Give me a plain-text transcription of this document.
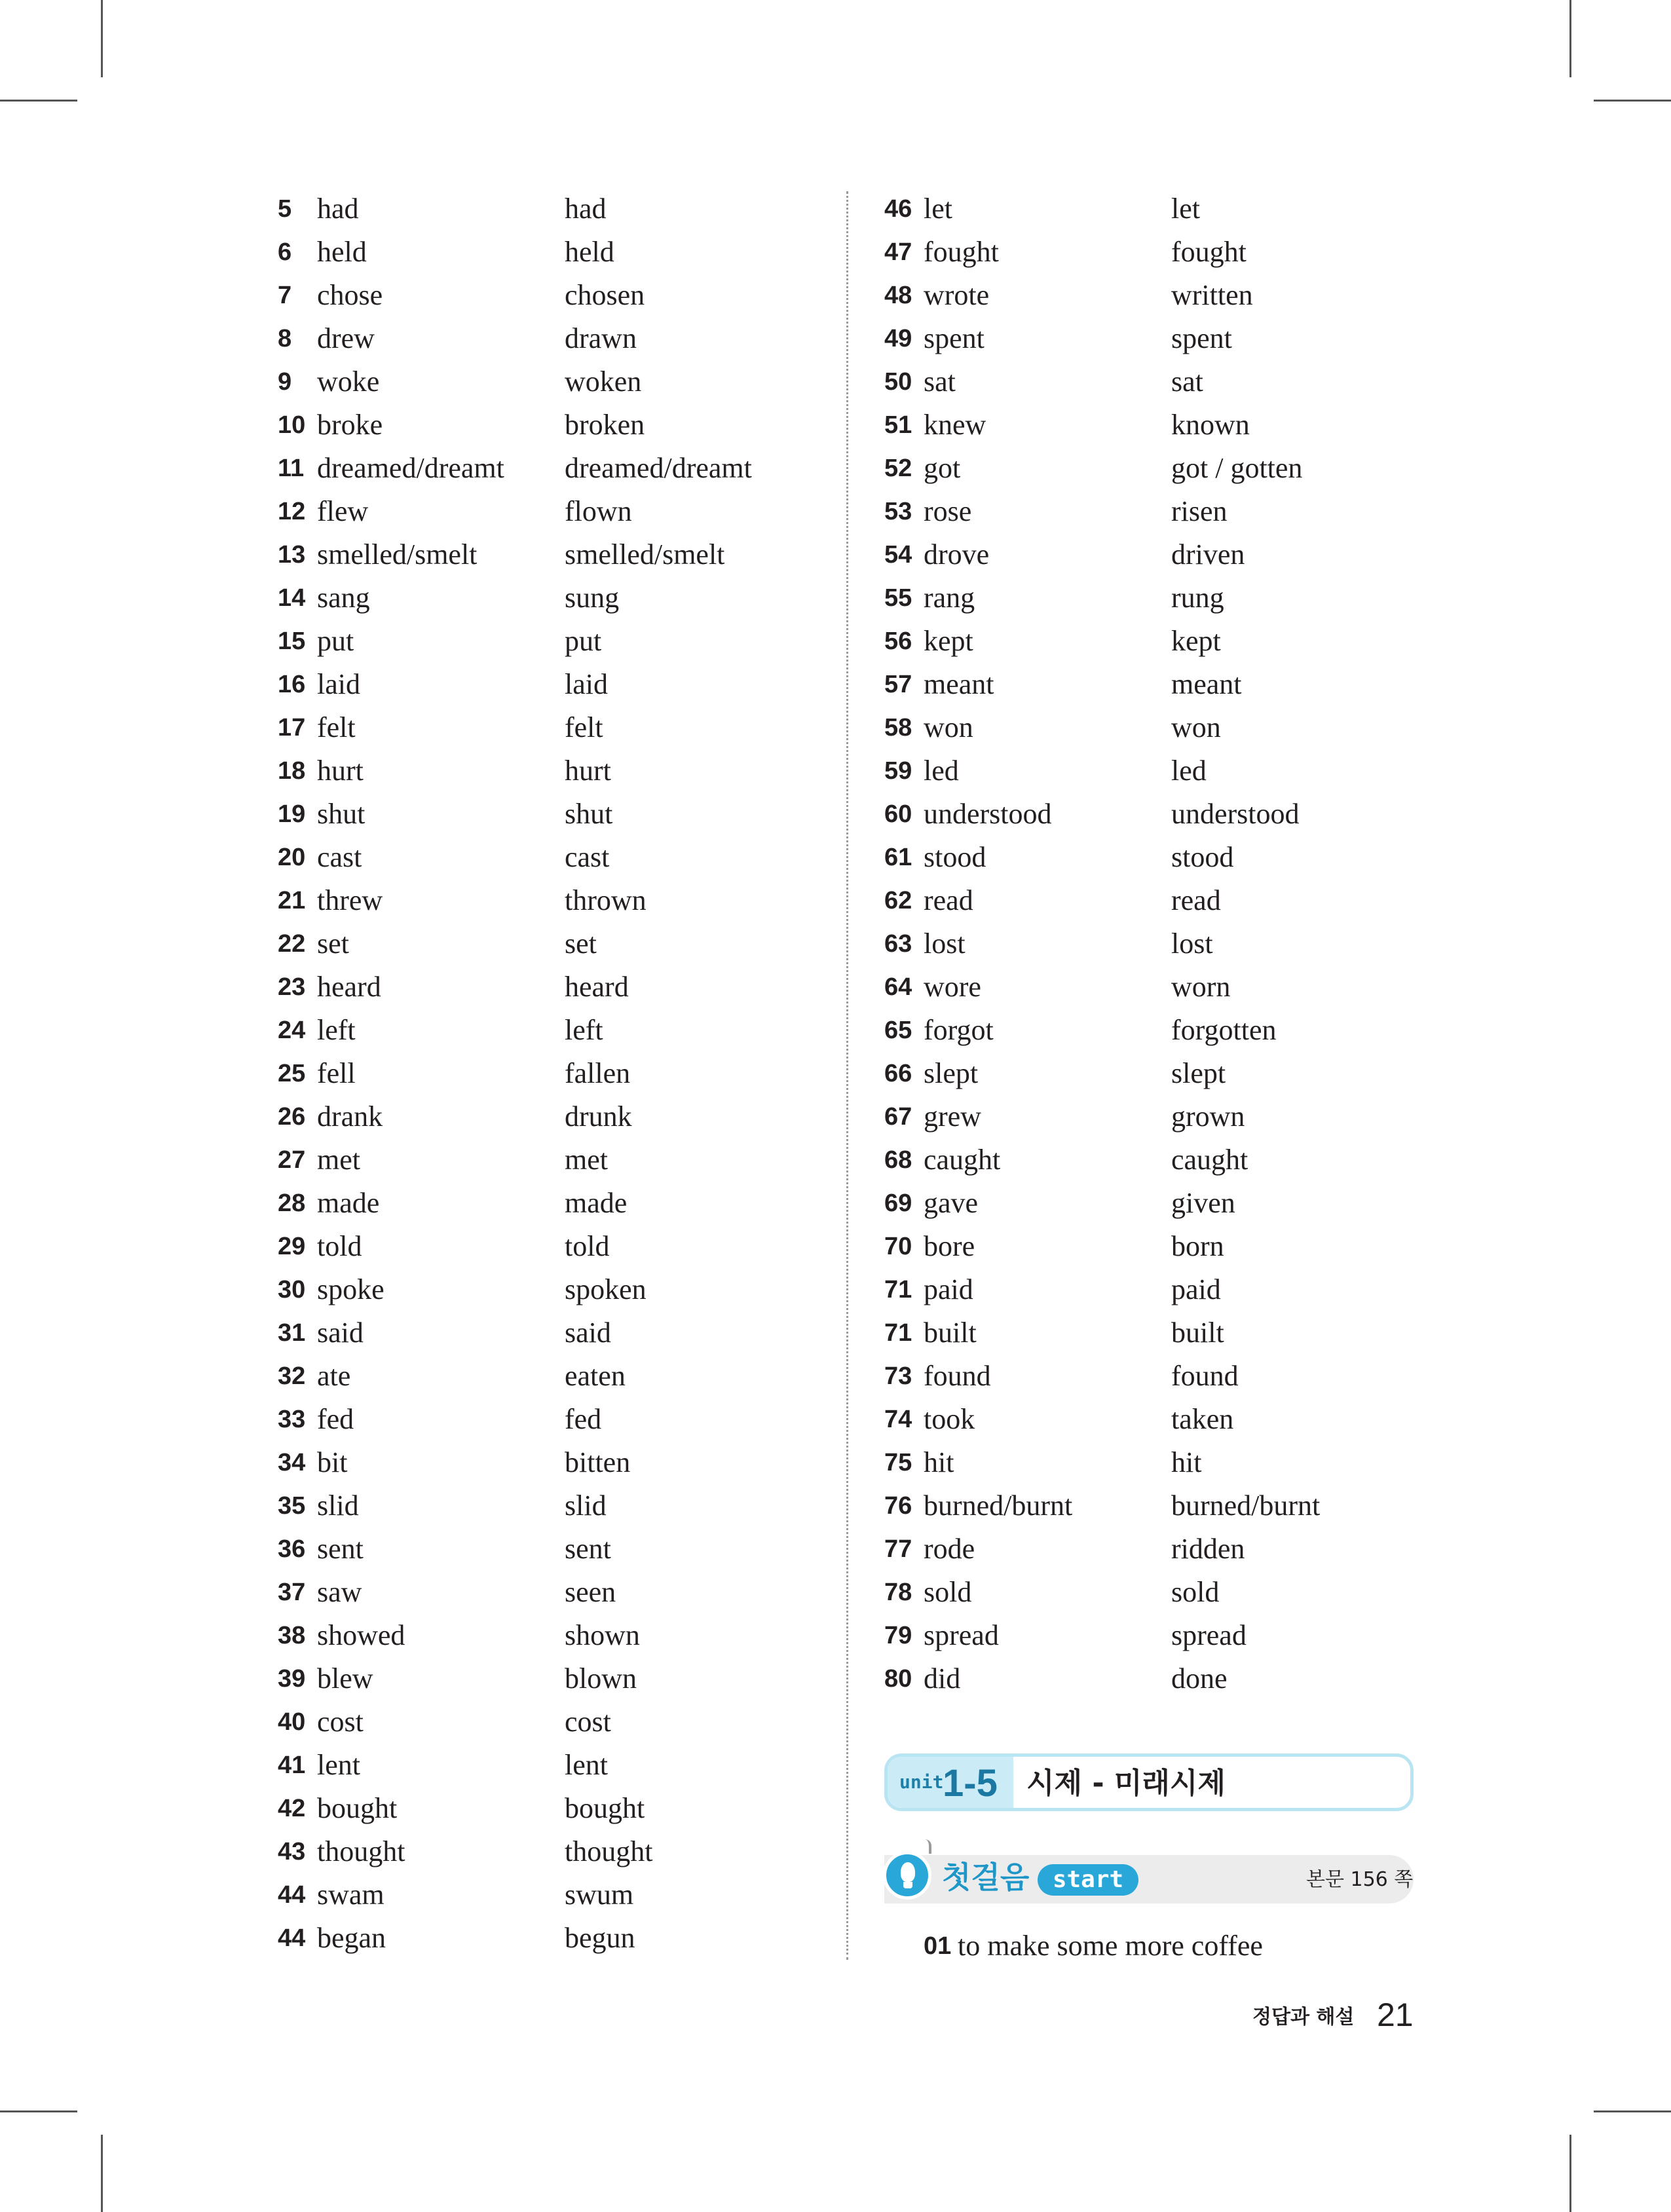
5 had	had
6 held	held
7 chose	chosen
8 drew	drawn
9 woke	woken
10 broke	broken
11 dreamed/dreamt dreamed/dreamt
12 flew	flown
13 smelled/smelt	smelled/smelt
14 sang	sung
15 put	put
16 laid	laid
17 felt	felt
18 hurt	hurt
19 shut	shut
20 cast	cast
21 threw	thrown
22 set	set
23 heard	heard
24 left	left
25 fell	fallen
26 drank	drunk
27 met	met
28 made	made
29 told	told
30 spoke	spoken
31 said	said
32 ate	eaten
33 fed	fed
34 bit	bitten
35 slid	slid
36 sent	sent
37 saw	seen
38 showed	shown
39 blew	blown
40 cost	cost
41 lent	lent
42 bought	bought
43 thought	thought
44 swam	swum
44 began	begun
46 let	let
47 fought	fought
48 wrote	written
49 spent	spent
50 sat	sat
51 knew	known
52 got	got / gotten
53 rose	risen
54 drove	driven
55 rang	rung
56 kept	kept
57 meant	meant
58 won	won
59 led	led
60 understood	understood
61 stood	stood
62 read	read
63 lost	lost
64 wore	worn
65 forgot	forgotten
66 slept	slept
67 grew	grown
68 caught	caught
69 gave	given
70 bore	born
71 paid	paid
71 built	built
73 found	found
74 took	taken
75 hit	hit
76 burned/burnt	burned/burnt
77 rode	ridden
78 sold	sold
79 spread	spread
80 did	done
unit
1-5 시제 - 미래시제
첫걸음 start	본문 156 쪽
01 to make some more coffee
정답과 해설 21
